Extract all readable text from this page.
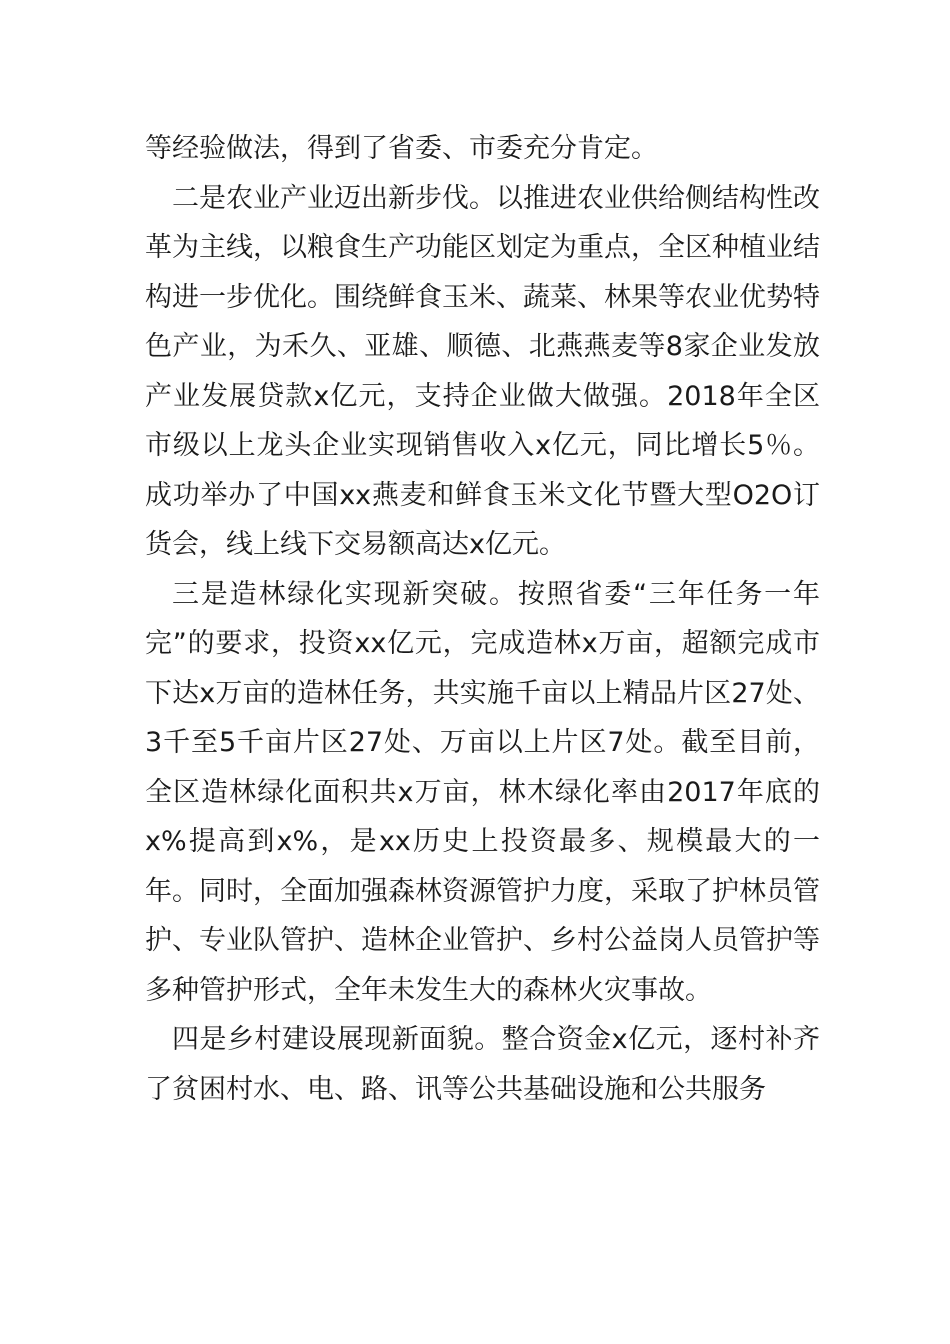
等经验做法，得到了省委、市委充分肯定。

二是农业产业迈出新步伐。以推进农业供给侧结构性改革为主线，以粮食生产功能区划定为重点，全区种植业结构进一步优化。围绕鲜食玉米、蔬菜、林果等农业优势特色产业，为禾久、亚雄、顺德、北燕燕麦等8家企业发放产业发展贷款x亿元，支持企业做大做强。2018年全区市级以上龙头企业实现销售收入x亿元，同比增长5％。成功举办了中国xx燕麦和鲜食玉米文化节暨大型O2O订货会，线上线下交易额高达x亿元。

三是造林绿化实现新突破。按照省委“三年任务一年完”的要求，投资xx亿元，完成造林x万亩，超额完成市下达x万亩的造林任务，共实施千亩以上精品片区27处、3千至5千亩片区27处、万亩以上片区7处。截至目前，全区造林绿化面积共x万亩，林木绿化率由2017年底的x%提高到x%，是xx历史上投资最多、规模最大的一年。同时，全面加强森林资源管护力度，采取了护林员管护、专业队管护、造林企业管护、乡村公益岗人员管护等多种管护形式，全年未发生大的森林火灾事故。

四是乡村建设展现新面貌。整合资金x亿元，逐村补齐了贫困村水、电、路、讯等公共基础设施和公共服务
